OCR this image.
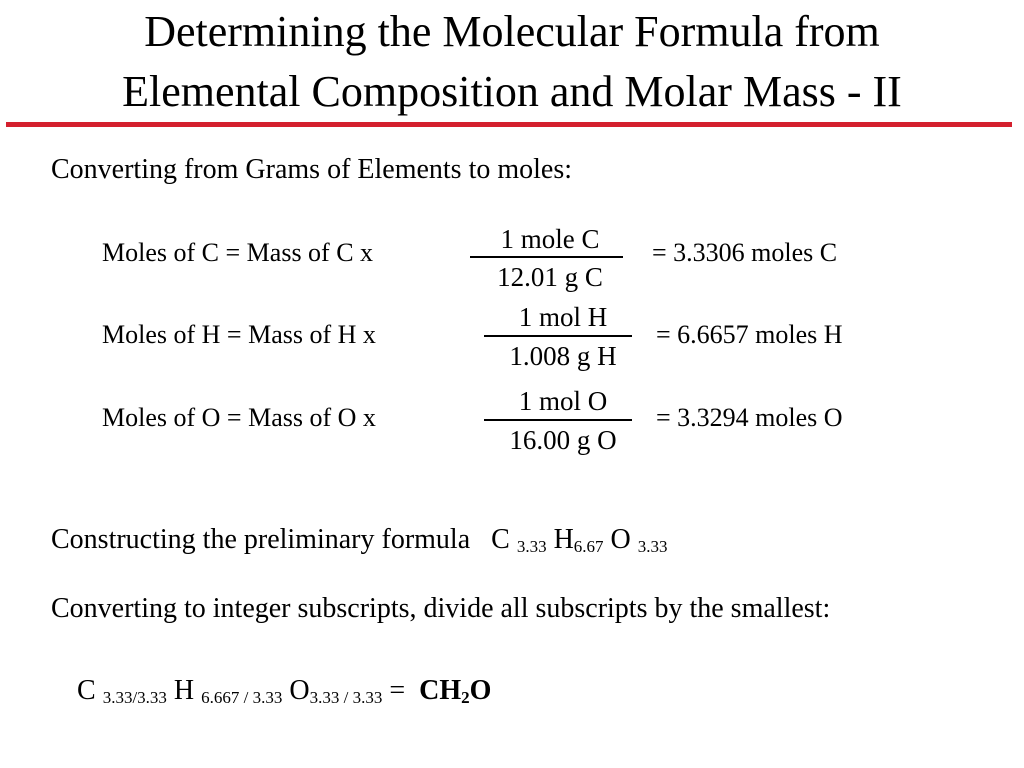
Determining the Molecular Formula from
Elemental Composition and Molar Mass - II
Converting from Grams of Elements to moles:
Moles of C = Mass of C x	1 mole C
12.01 g C
= 3.3306 moles C
Moles of H = Mass of H x
1 mol H
1.008 g H
= 6.6657 moles H
Moles of O = Mass of O x
1 mol O
16.00 g O
= 3.3294 moles O
Constructing the preliminary formula C $_{3.33}$ $H_{6.67}$ O $_{3.33}$
Converting to integer subscripts, divide all subscripts by the smallest:
C $_{3.33/3.33}$ H $_{6.667 / 3.33}$ $O_{3.33 / 3.33} = CH_2O$
